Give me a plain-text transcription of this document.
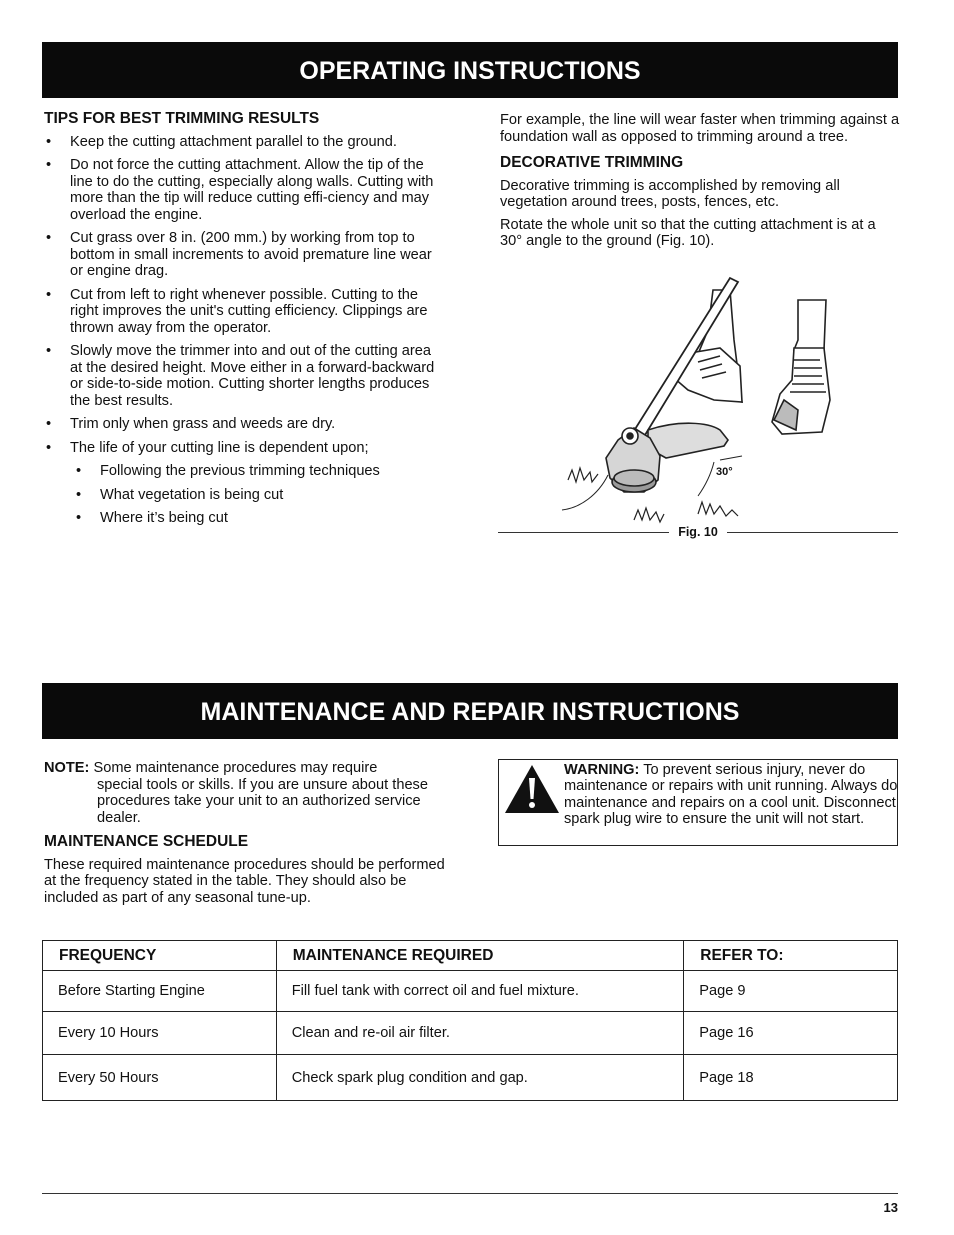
OPERATING INSTRUCTIONS
TIPS FOR BEST TRIMMING RESULTS
• Keep the cutting attachment parallel to the ground.
• Do not force the cutting attachment. Allow the tip of the line to do the cutting, especially along walls. Cutting with more than the tip will reduce cutting effi-ciency and may overload the engine.
• Cut grass over 8 in. (200 mm.) by working from top to bottom in small increments to avoid premature line wear or engine drag.
• Cut from left to right whenever possible. Cutting to the right improves the unit's cutting efficiency. Clippings are thrown away from the operator.
• Slowly move the trimmer into and out of the cutting area at the desired height. Move either in a forward-backward or side-to-side motion. Cutting shorter lengths produces the best results.
• Trim only when grass and weeds are dry.
• The life of your cutting line is dependent upon;
• Following the previous trimming techniques
• What vegetation is being cut
• Where it’s being cut

For example, the line will wear faster when trimming against a foundation wall as opposed to trimming around a tree.

DECORATIVE TRIMMING

Decorative trimming is accomplished by removing all vegetation around trees, posts, fences, etc.

Rotate the whole unit so that the cutting attachment is at a 30° angle to the ground (Fig. 10).

30°
Fig. 10
MAINTENANCE AND REPAIR INSTRUCTIONS

NOTE: Some maintenance procedures may require

special tools or skills. If you are unsure about these procedures take your unit to an authorized service dealer.

MAINTENANCE SCHEDULE

These required maintenance procedures should be performed at the frequency stated in the table. They should also be included as part of any seasonal tune-up.

WARNING: To prevent serious injury, never do maintenance or repairs with unit running. Always do maintenance and repairs on a cool unit. Disconnect spark plug wire to ensure the unit will not start.
FREQUENCY	MAINTENANCE REQUIRED	REFER TO:
Before Starting Engine	Fill fuel tank with correct oil and fuel mixture.	Page 9
Every 10 Hours	Clean and re-oil air filter.	Page 16
Every 50 Hours	Check spark plug condition and gap.	Page 18
13
